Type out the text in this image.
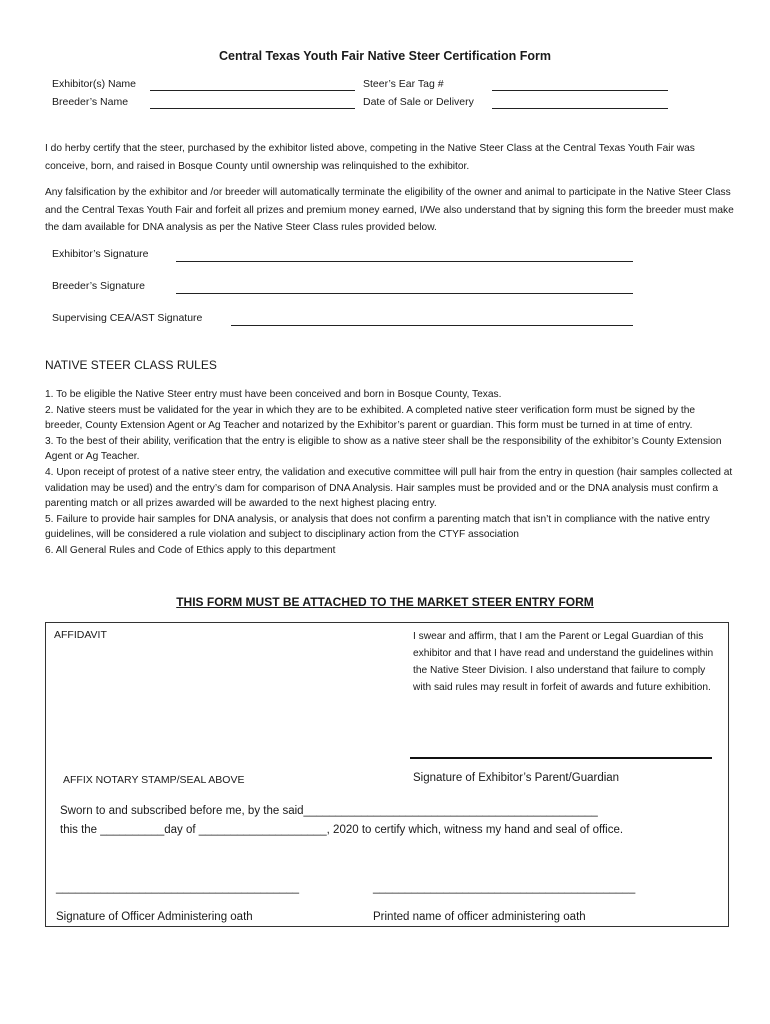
Central Texas Youth Fair Native Steer Certification Form
Exhibitor(s) Name	Steer’s Ear Tag #
Breeder’s Name	Date of Sale or Delivery
I do herby certify that the steer, purchased by the exhibitor listed above, competing in the Native Steer Class at the Central Texas Youth Fair was conceive, born, and raised in Bosque County until ownership was relinquished to the exhibitor.
Any falsification by the exhibitor and /or breeder will automatically terminate the eligibility of the owner and animal to participate in the Native Steer Class and the Central Texas Youth Fair and forfeit all prizes and premium money earned, I/We also understand that by signing this form the breeder must make the dam available for DNA analysis as per the Native Steer Class rules provided below.
Exhibitor’s Signature
Breeder’s Signature
Supervising CEA/AST Signature
NATIVE STEER CLASS RULES

1. To be eligible the Native Steer entry must have been conceived and born in Bosque County, Texas.

2. Native steers must be validated for the year in which they are to be exhibited. A completed native steer verification form must be signed by the breeder, County Extension Agent or Ag Teacher and notarized by the Exhibitor’s parent or guardian. This form must be turned in at time of entry.

3. To the best of their ability, verification that the entry is eligible to show as a native steer shall be the responsibility of the exhibitor’s County Extension Agent or Ag Teacher.

4. Upon receipt of protest of a native steer entry, the validation and executive committee will pull hair from the entry in question (hair samples collected at validation may be used) and the entry’s dam for comparison of DNA Analysis. Hair samples must be provided and or the DNA analysis must confirm a parenting match or all prizes awarded will be awarded to the next highest placing entry.

5. Failure to provide hair samples for DNA analysis, or analysis that does not confirm a parenting match that isn’t in compliance with the native entry guidelines, will be considered a rule violation and subject to disciplinary action from the CTYF association

6. All General Rules and Code of Ethics apply to this department

THIS FORM MUST BE ATTACHED TO THE MARKET STEER ENTRY FORM
AFFIDAVIT	I swear and affirm, that I am the Parent or Legal Guardian of this exhibitor and that I have read and understand the guidelines within the Native Steer Division. I also understand that failure to comply with said rules may result in forfeit of awards and future exhibition.
AFFIX NOTARY STAMP/SEAL ABOVE	Signature of Exhibitor’s Parent/Guardian
Sworn to and subscribed before me, by the said______________________________________________
this the __________day of ____________________, 2020 to certify which, witness my hand and seal of office.
______________________________________	_________________________________________
Signature of Officer Administering oath	Printed name of officer administering oath
